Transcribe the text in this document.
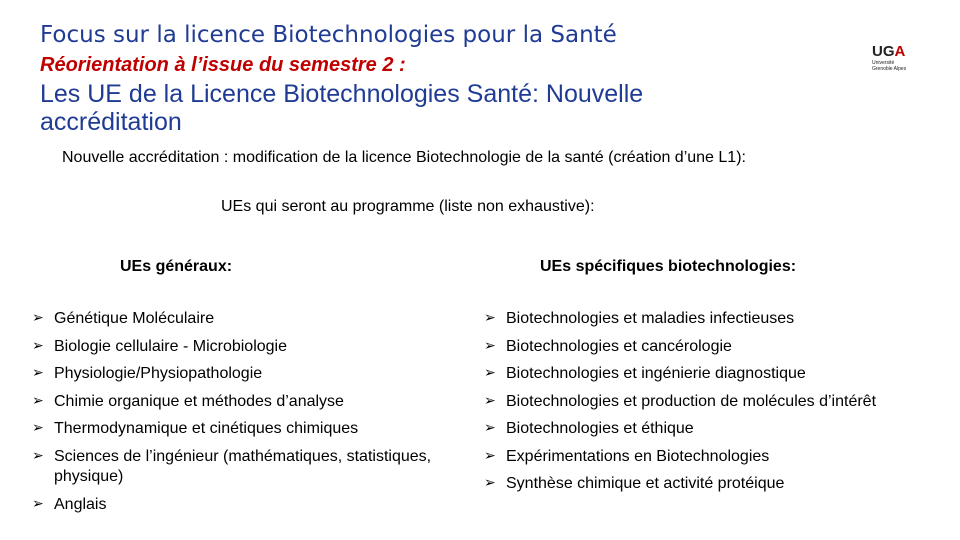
Focus sur la licence Biotechnologies pour la Santé
Réorientation à l’issue du semestre 2 :
Les UE de la Licence Biotechnologies Santé: Nouvelle accréditation
UGA
Université
Grenoble Alpes
Nouvelle accréditation : modification de la licence Biotechnologie de la santé (création d’une L1):
UEs qui seront au programme (liste non exhaustive):
UEs généraux:	UEs spécifiques biotechnologies:
➢ Génétique Moléculaire
➢ Biologie cellulaire - Microbiologie
➢ Physiologie/Physiopathologie
➢ Chimie organique et méthodes d’analyse
➢ Thermodynamique et cinétiques chimiques
➢ Sciences de l’ingénieur (mathématiques, statistiques, physique)
➢ Anglais
➢ Biotechnologies et maladies infectieuses
➢ Biotechnologies et cancérologie
➢ Biotechnologies et ingénierie diagnostique
➢ Biotechnologies et production de molécules d’intérêt
➢ Biotechnologies et éthique
➢ Expérimentations en Biotechnologies
➢ Synthèse chimique et activité protéique
